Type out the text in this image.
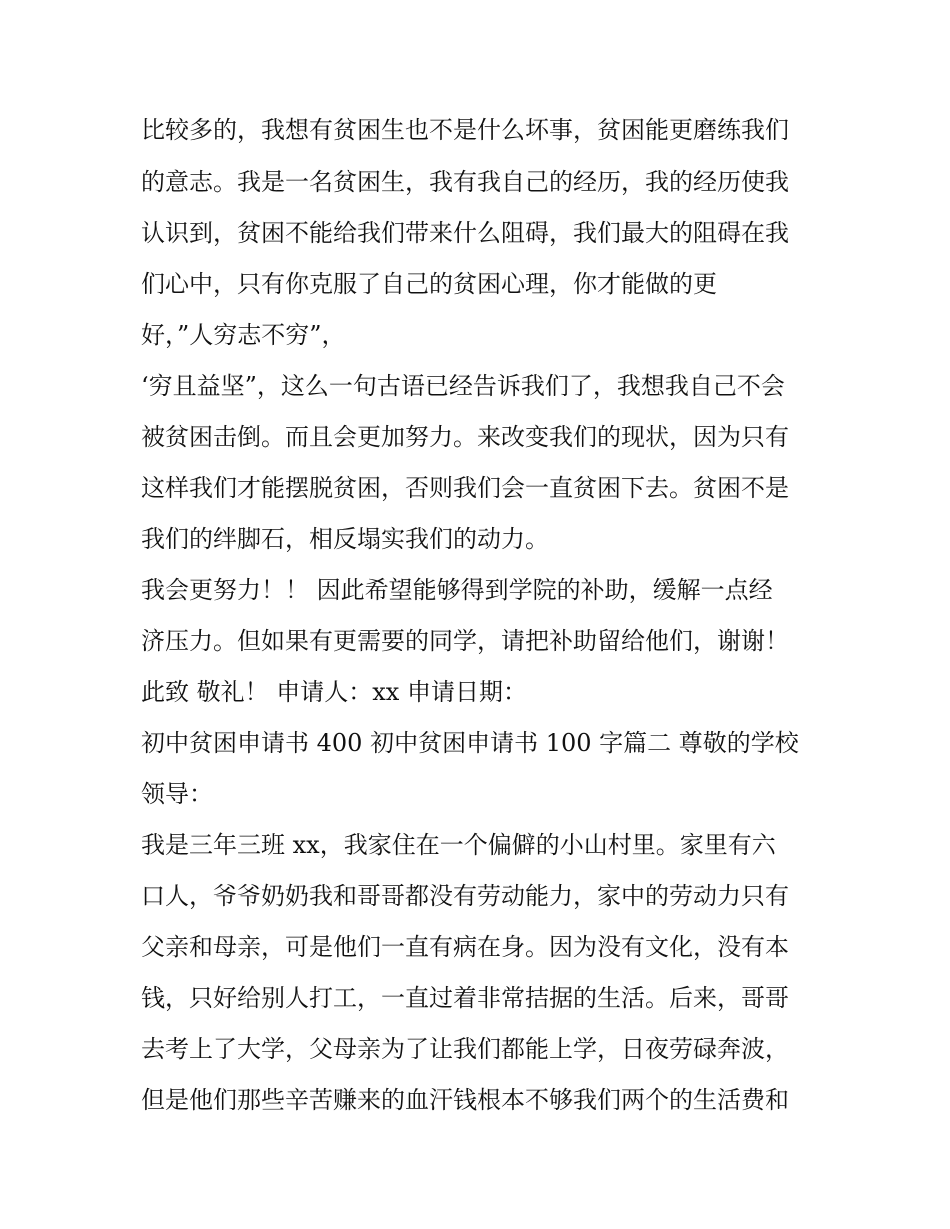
比较多的，我想有贫困生也不是什么坏事，贫困能更磨练我们

的意志。我是一名贫困生，我有我自己的经历，我的经历使我

认识到，贫困不能给我们带来什么阻碍，我们最大的阻碍在我

们心中，只有你克服了自己的贫困心理，你才能做的更

好，”人穷志不穷”，

‘穷且益坚”，这么一句古语已经告诉我们了，我想我自己不会

被贫困击倒。而且会更加努力。来改变我们的现状，因为只有

这样我们才能摆脱贫困，否则我们会一直贫困下去。贫困不是

我们的绊脚石，相反塌实我们的动力。

我会更努力！！ 因此希望能够得到学院的补助，缓解一点经

济压力。但如果有更需要的同学，请把补助留给他们，谢谢！

此致 敬礼！ 申请人：xx 申请日期：

初中贫困申请书 400 初中贫困申请书 100 字篇二 尊敬的学校

领导：

我是三年三班 xx，我家住在一个偏僻的小山村里。家里有六

口人，爷爷奶奶我和哥哥都没有劳动能力，家中的劳动力只有

父亲和母亲，可是他们一直有病在身。因为没有文化，没有本

钱，只好给别人打工，一直过着非常拮据的生活。后来，哥哥

去考上了大学，父母亲为了让我们都能上学，日夜劳碌奔波，

但是他们那些辛苦赚来的血汗钱根本不够我们两个的生活费和
